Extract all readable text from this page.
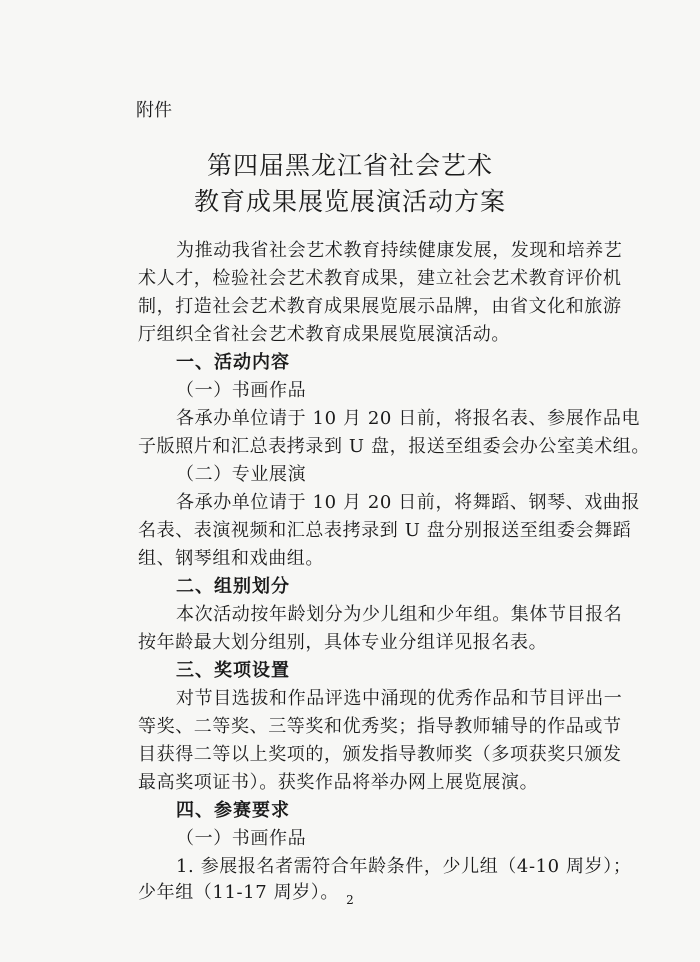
附件
第四届黑龙江省社会艺术
教育成果展览展演活动方案
为推动我省社会艺术教育持续健康发展，发现和培养艺
术人才，检验社会艺术教育成果，建立社会艺术教育评价机
制，打造社会艺术教育成果展览展示品牌，由省文化和旅游
厅组织全省社会艺术教育成果展览展演活动。
一、活动内容
（一）书画作品
各承办单位请于 10 月 20 日前，将报名表、参展作品电
子版照片和汇总表拷录到 U 盘，报送至组委会办公室美术组。
（二）专业展演
各承办单位请于 10 月 20 日前，将舞蹈、钢琴、戏曲报
名表、表演视频和汇总表拷录到 U 盘分别报送至组委会舞蹈
组、钢琴组和戏曲组。
二、组别划分
本次活动按年龄划分为少儿组和少年组。集体节目报名
按年龄最大划分组别，具体专业分组详见报名表。
三、奖项设置
对节目选拔和作品评选中涌现的优秀作品和节目评出一
等奖、二等奖、三等奖和优秀奖；指导教师辅导的作品或节
目获得二等以上奖项的，颁发指导教师奖（多项获奖只颁发
最高奖项证书）。获奖作品将举办网上展览展演。
四、参赛要求
（一）书画作品
1. 参展报名者需符合年龄条件，少儿组（4-10 周岁）；
少年组（11-17 周岁）。 2
